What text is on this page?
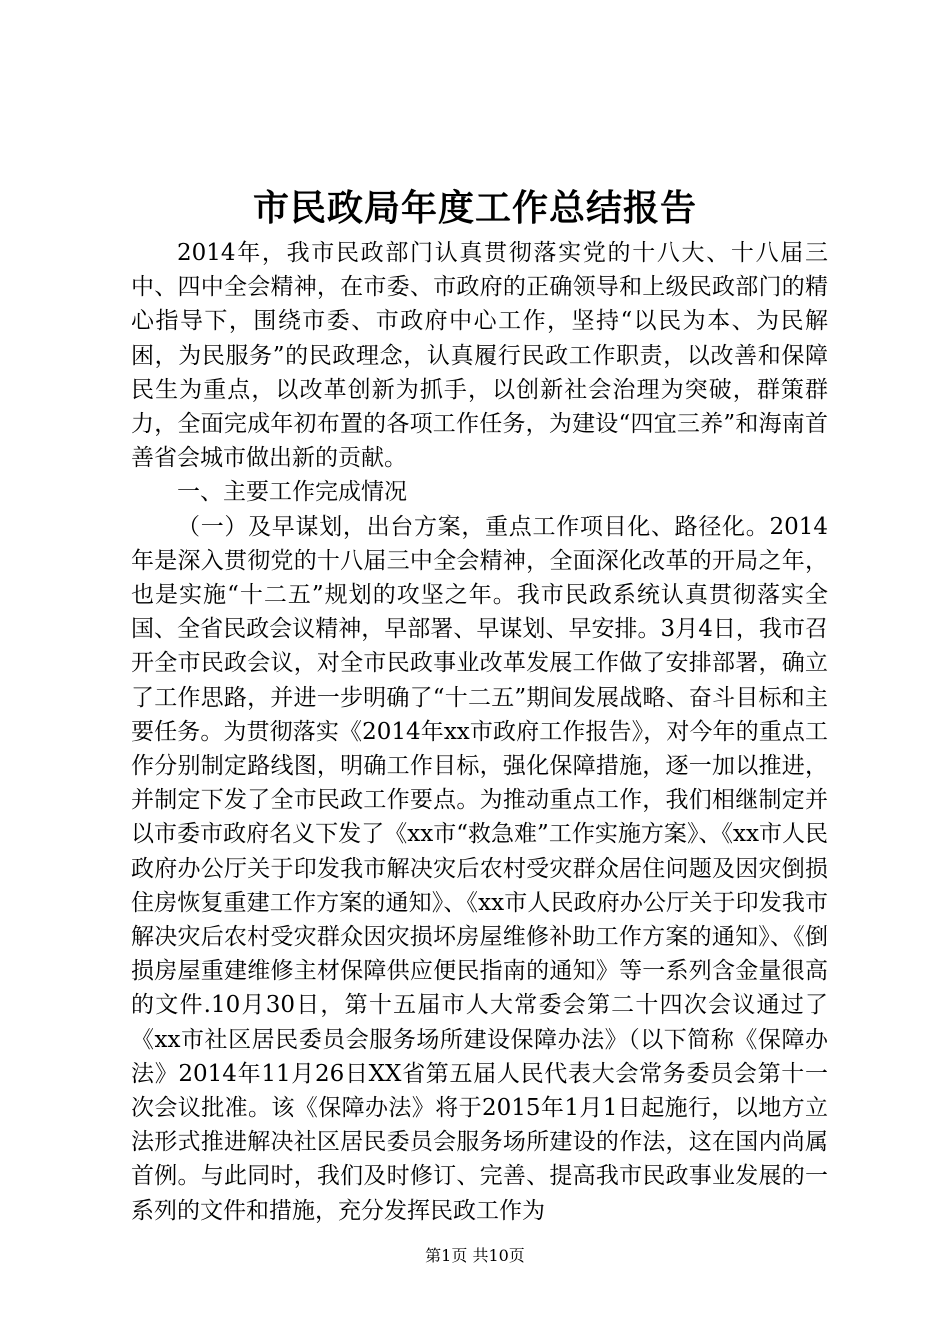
市民政局年度工作总结报告

2014年，我市民政部门认真贯彻落实党的十八大、十八届三中、四中全会精神，在市委、市政府的正确领导和上级民政部门的精心指导下，围绕市委、市政府中心工作，坚持“以民为本、为民解困，为民服务”的民政理念，认真履行民政工作职责，以改善和保障民生为重点，以改革创新为抓手，以创新社会治理为突破，群策群力，全面完成年初布置的各项工作任务，为建设“四宜三养”和海南首善省会城市做出新的贡献。

一、主要工作完成情况

（一）及早谋划，出台方案，重点工作项目化、路径化。2014年是深入贯彻党的十八届三中全会精神，全面深化改革的开局之年，也是实施“十二五”规划的攻坚之年。我市民政系统认真贯彻落实全国、全省民政会议精神，早部署、早谋划、早安排。3月4日，我市召开全市民政会议，对全市民政事业改革发展工作做了安排部署，确立了工作思路，并进一步明确了“十二五”期间发展战略、奋斗目标和主要任务。为贯彻落实《2014年xx市政府工作报告》，对今年的重点工作分别制定路线图，明确工作目标，强化保障措施，逐一加以推进，并制定下发了全市民政工作要点。为推动重点工作，我们相继制定并以市委市政府名义下发了《xx市“救急难”工作实施方案》、《xx市人民政府办公厅关于印发我市解决灾后农村受灾群众居住问题及因灾倒损住房恢复重建工作方案的通知》、《xx市人民政府办公厅关于印发我市解决灾后农村受灾群众因灾损坏房屋维修补助工作方案的通知》、《倒损房屋重建维修主材保障供应便民指南的通知》等一系列含金量很高的文件.10月30日，第十五届市人大常委会第二十四次会议通过了《xx市社区居民委员会服务场所建设保障办法》（以下简称《保障办法》2014年11月26日XX省第五届人民代表大会常务委员会第十一次会议批准。该《保障办法》将于2015年1月1日起施行，以地方立法形式推进解决社区居民委员会服务场所建设的作法，这在国内尚属首例。与此同时，我们及时修订、完善、提高我市民政事业发展的一系列的文件和措施，充分发挥民政工作为

第1页 共10页
